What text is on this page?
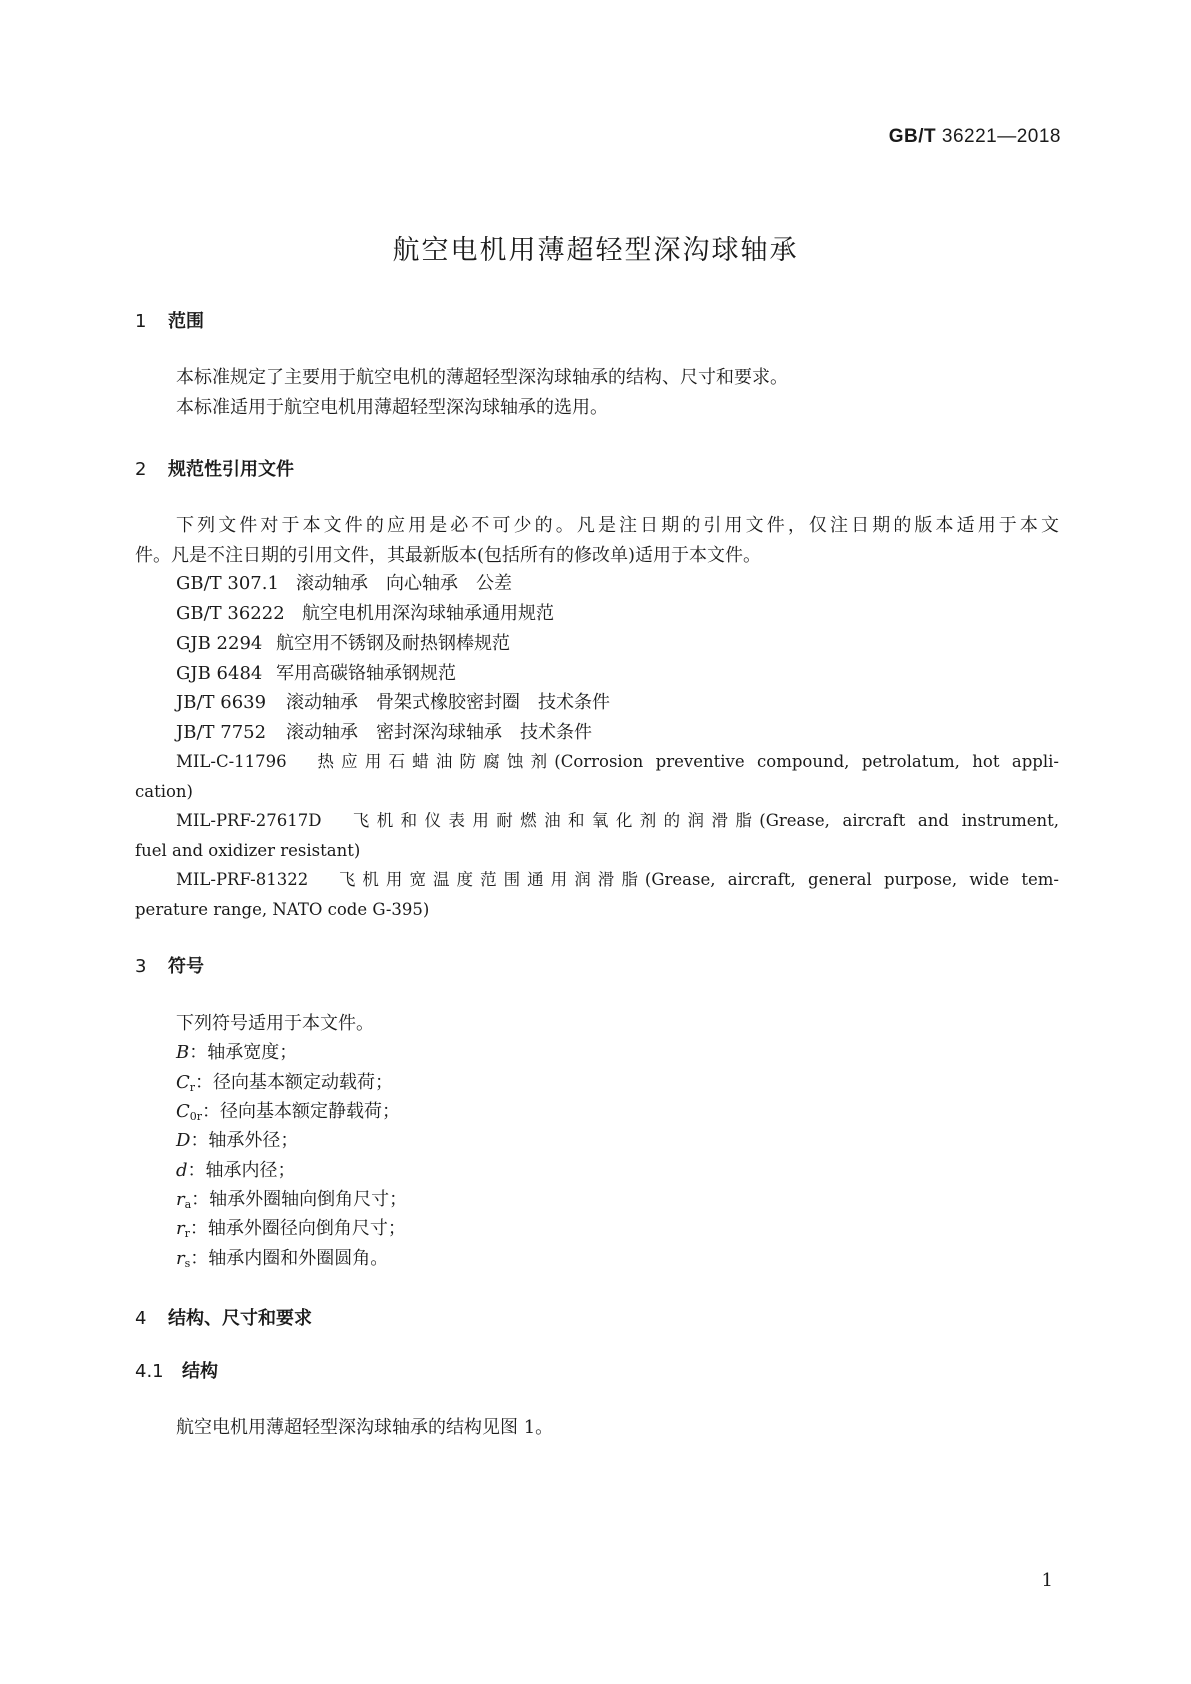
GB/T 36221—2018
航空电机用薄超轻型深沟球轴承
1 范围
本标准规定了主要用于航空电机的薄超轻型深沟球轴承的结构、尺寸和要求。
本标准适用于航空电机用薄超轻型深沟球轴承的选用。
2 规范性引用文件
下列文件对于本文件的应用是必不可少的。凡是注日期的引用文件，仅注日期的版本适用于本文
件。凡是不注日期的引用文件，其最新版本(包括所有的修改单)适用于本文件。
GB/T 307.1 滚动轴承　向心轴承　公差
GB/T 36222 航空电机用深沟球轴承通用规范
GJB 2294 航空用不锈钢及耐热钢棒规范
GJB 6484 军用高碳铬轴承钢规范
JB/T 6639 滚动轴承　骨架式橡胶密封圈　技术条件
JB/T 7752 滚动轴承　密封深沟球轴承　技术条件
MIL-C-11796　热应用石蜡油防腐蚀剂(Corrosion preventive compound, petrolatum, hot appli-
cation)
MIL-PRF-27617D　飞机和仪表用耐燃油和氧化剂的润滑脂(Grease, aircraft and instrument,
fuel and oxidizer resistant)
MIL-PRF-81322　飞机用宽温度范围通用润滑脂(Grease, aircraft, general purpose, wide tem-
perature range, NATO code G-395)
3 符号
下列符号适用于本文件。
B：轴承宽度；
$C_r$：径向基本额定动载荷；
$C_{0r}$：径向基本额定静载荷；
D：轴承外径；
d：轴承内径；
$r_a$：轴承外圈轴向倒角尺寸；
$r_r$：轴承外圈径向倒角尺寸；
$r_s$：轴承内圈和外圈圆角。
4 结构、尺寸和要求
4.1 结构
航空电机用薄超轻型深沟球轴承的结构见图 1。
1
